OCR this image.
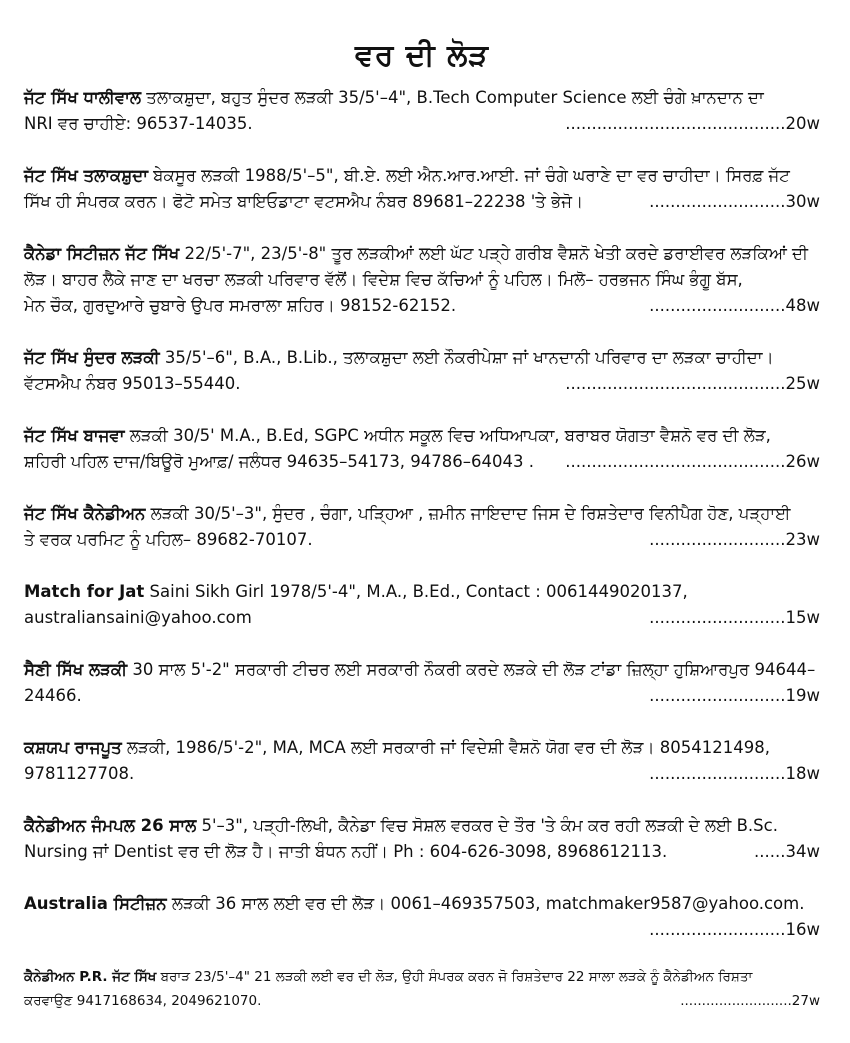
ਵਰ ਦੀ ਲੋੜ
ਜੱਟ ਸਿੱਖ ਧਾਲੀਵਾਲ ਤਲਾਕਸ਼ੁਦਾ, ਬਹੁਤ ਸੁੰਦਰ ਲੜਕੀ 35/5'–4", B.Tech Computer Science ਲਈ ਚੰਗੇ ਖ਼ਾਨਦਾਨ ਦਾ
NRI ਵਰ ਚਾਹੀਏ: 96537-14035.	..........................................20w
ਜੱਟ ਸਿੱਖ ਤਲਾਕਸ਼ੁਦਾ ਬੇਕਸੂਰ ਲੜਕੀ 1988/5'–5", ਬੀ.ਏ. ਲਈ ਐਨ.ਆਰ.ਆਈ. ਜਾਂ ਚੰਗੇ ਘਰਾਣੇ ਦਾ ਵਰ ਚਾਹੀਦਾ। ਸਿਰਫ਼ ਜੱਟ
ਸਿੱਖ ਹੀ ਸੰਪਰਕ ਕਰਨ। ਫੋਟੋ ਸਮੇਤ ਬਾਇਓਡਾਟਾ ਵਟਸਐਪ ਨੰਬਰ 89681–22238 'ਤੇ ਭੇਜੋ।	..........................30w
ਕੈਨੇਡਾ ਸਿਟੀਜ਼ਨ ਜੱਟ ਸਿੱਖ 22/5'-7", 23/5'-8" ਤੂਰ ਲੜਕੀਆਂ ਲਈ ਘੱਟ ਪੜ੍ਹੇ ਗਰੀਬ ਵੈਸ਼ਨੋ ਖੇਤੀ ਕਰਦੇ ਡਰਾਈਵਰ ਲੜਕਿਆਂ ਦੀ ਲੋੜ। ਬਾਹਰ ਲੈਕੇ ਜਾਣ ਦਾ ਖਰਚਾ ਲੜਕੀ ਪਰਿਵਾਰ ਵੱਲੋਂ। ਵਿਦੇਸ਼ ਵਿਚ ਕੱਚਿਆਂ ਨੂੰ ਪਹਿਲ। ਮਿਲੋ– ਹਰਭਜਨ ਸਿੰਘ ਭੰਗੂ ਬੱਸ,
ਮੇਨ ਚੌਕ, ਗੁਰਦੁਆਰੇ ਚੁਬਾਰੇ ਉਪਰ ਸਮਰਾਲਾ ਸ਼ਹਿਰ। 98152-62152.	..........................48w
ਜੱਟ ਸਿੱਖ ਸੁੰਦਰ ਲੜਕੀ 35/5'–6", B.A., B.Lib., ਤਲਾਕਸ਼ੁਦਾ ਲਈ ਨੌਕਰੀਪੇਸ਼ਾ ਜਾਂ ਖਾਨਦਾਨੀ ਪਰਿਵਾਰ ਦਾ ਲੜਕਾ ਚਾਹੀਦਾ।
ਵੱਟਸਐਪ ਨੰਬਰ 95013–55440.	..........................................25w
ਜੱਟ ਸਿੱਖ ਬਾਜਵਾ ਲੜਕੀ 30/5' M.A., B.Ed, SGPC ਅਧੀਨ ਸਕੂਲ ਵਿਚ ਅਧਿਆਪਕਾ, ਬਰਾਬਰ ਯੋਗਤਾ ਵੈਸ਼ਨੋ ਵਰ ਦੀ ਲੋੜ,
ਸ਼ਹਿਰੀ ਪਹਿਲ ਦਾਜ/ਬਿਊਰੋ ਮੁਆਫ਼/ ਜਲੰਧਰ 94635–54173, 94786–64043 .	..........................................26w
ਜੱਟ ਸਿੱਖ ਕੈਨੇਡੀਅਨ ਲੜਕੀ 30/5'–3", ਸੁੰਦਰ , ਚੰਗਾ, ਪੜ੍ਹਿਆ , ਜ਼ਮੀਨ ਜਾਇਦਾਦ ਜਿਸ ਦੇ ਰਿਸ਼ਤੇਦਾਰ ਵਿਨੀਪੈਗ ਹੋਣ, ਪੜ੍ਹਾਈ
ਤੇ ਵਰਕ ਪਰਮਿਟ ਨੂੰ ਪਹਿਲ– 89682-70107.	..........................23w
Match for Jat Saini Sikh Girl 1978/5'-4", M.A., B.Ed., Contact : 0061449020137,
australiansaini@yahoo.com	..........................15w
ਸੈਣੀ ਸਿੱਖ ਲੜਕੀ 30 ਸਾਲ 5'-2" ਸਰਕਾਰੀ ਟੀਚਰ ਲਈ ਸਰਕਾਰੀ ਨੌਕਰੀ ਕਰਦੇ ਲੜਕੇ ਦੀ ਲੋੜ ਟਾਂਡਾ ਜ਼ਿਲ੍ਹਾ ਹੁਸ਼ਿਆਰਪੁਰ 94644–
24466.	..........................19w
ਕਸ਼ਯਪ ਰਾਜਪੂਤ ਲੜਕੀ, 1986/5'-2", MA, MCA ਲਈ ਸਰਕਾਰੀ ਜਾਂ ਵਿਦੇਸ਼ੀ ਵੈਸ਼ਨੋ ਯੋਗ ਵਰ ਦੀ ਲੋੜ। 8054121498,
9781127708.	..........................18w
ਕੈਨੇਡੀਅਨ ਜੰਮਪਲ 26 ਸਾਲ 5'–3", ਪੜ੍ਹੀ-ਲਿਖੀ, ਕੈਨੇਡਾ ਵਿਚ ਸੋਸ਼ਲ ਵਰਕਰ ਦੇ ਤੌਰ 'ਤੇ ਕੰਮ ਕਰ ਰਹੀ ਲੜਕੀ ਦੇ ਲਈ B.Sc.
Nursing ਜਾਂ Dentist ਵਰ ਦੀ ਲੋੜ ਹੈ। ਜਾਤੀ ਬੰਧਨ ਨਹੀਂ। Ph : 604-626-3098, 8968612113.	......34w
Australia ਸਿਟੀਜ਼ਨ ਲੜਕੀ 36 ਸਾਲ ਲਈ ਵਰ ਦੀ ਲੋੜ। 0061–469357503, matchmaker9587@yahoo.com.
..........................16w
ਕੈਨੇਡੀਅਨ P.R. ਜੱਟ ਸਿੱਖ ਬਰਾੜ 23/5'–4" 21 ਲੜਕੀ ਲਈ ਵਰ ਦੀ ਲੋੜ, ਉਹੀ ਸੰਪਰਕ ਕਰਨ ਜੋ ਰਿਸ਼ਤੇਦਾਰ 22 ਸਾਲਾ ਲੜਕੇ ਨੂੰ ਕੈਨੇਡੀਅਨ ਰਿਸ਼ਤਾ
ਕਰਵਾਉਣ 9417168634, 2049621070.	..........................27w
